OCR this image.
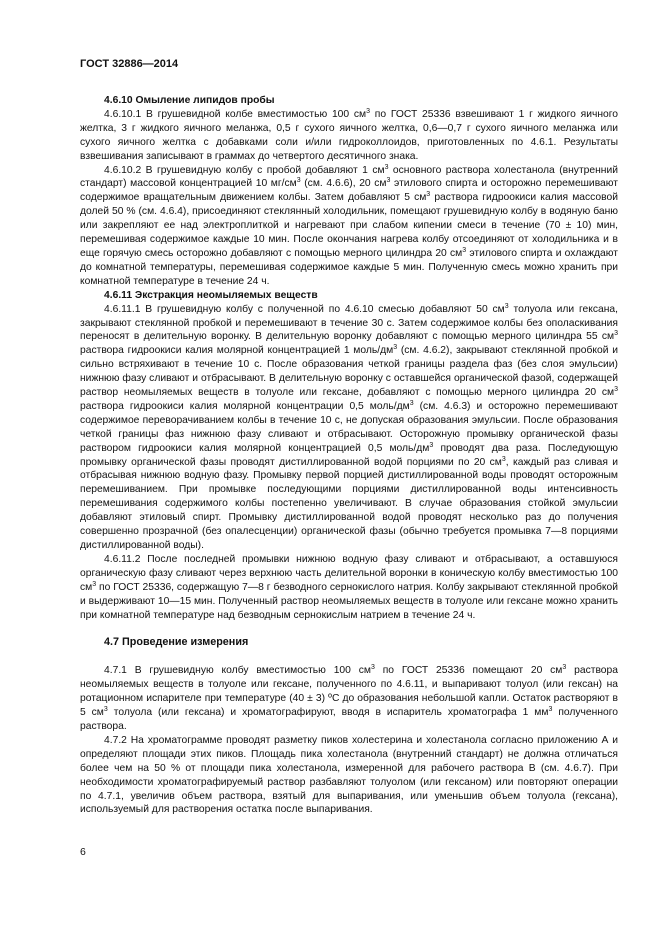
ГОСТ 32886—2014
4.6.10 Омыление липидов пробы

4.6.10.1 В грушевидной колбе вместимостью 100 $см^3$ по ГОСТ 25336 взвешивают 1 г жидкого яичного желтка, 3 г жидкого яичного меланжа, 0,5 г сухого яичного желтка, 0,6—0,7 г сухого яичного меланжа или сухого яичного желтка с добавками соли и/или гидроколлоидов, приготовленных по 4.6.1. Результаты взвешивания записывают в граммах до четвертого десятичного знака.

4.6.10.2 В грушевидную колбу с пробой добавляют 1 $см^3$ основного раствора холестанола (внутренний стандарт) массовой концентрацией 10 $мг/см^3$ (см. 4.6.6), 20 $см^3$ этилового спирта и осторожно перемешивают содержимое вращательным движением колбы. Затем добавляют 5 $см^3$ раствора гидроокиси калия массовой долей 50 % (см. 4.6.4), присоединяют стеклянный холодильник, помещают грушевидную колбу в водяную баню или закрепляют ее над электроплиткой и нагревают при слабом кипении смеси в течение (70 ± 10) мин, перемешивая содержимое каждые 10 мин. После окончания нагрева колбу отсоединяют от холодильника и в еще горячую смесь осторожно добавляют с помощью мерного цилиндра 20 $см^3$ этилового спирта и охлаждают до комнатной температуры, перемешивая содержимое каждые 5 мин. Полученную смесь можно хранить при комнатной температуре в течение 24 ч.

4.6.11 Экстракция неомыляемых веществ

4.6.11.1 В грушевидную колбу с полученной по 4.6.10 смесью добавляют 50 $см^3$ толуола или гексана, закрывают стеклянной пробкой и перемешивают в течение 30 с. Затем содержимое колбы без ополаскивания переносят в делительную воронку. В делительную воронку добавляют с помощью мерного цилиндра 55 $см^3$ раствора гидроокиси калия молярной концентрацией 1 моль/$дм^3$ (см. 4.6.2), закрывают стеклянной пробкой и сильно встряхивают в течение 10 с. После образования четкой границы раздела фаз (без слоя эмульсии) нижнюю фазу сливают и отбрасывают. В делительную воронку с оставшейся органической фазой, содержащей раствор неомыляемых веществ в толуоле или гексане, добавляют с помощью мерного цилиндра 20 $см^3$ раствора гидроокиси калия молярной концентрации 0,5 моль/$дм^3$ (см. 4.6.3) и осторожно перемешивают содержимое переворачиванием колбы в течение 10 с, не допуская образования эмульсии. После образования четкой границы фаз нижнюю фазу сливают и отбрасывают. Осторожную промывку органической фазы раствором гидроокиси калия молярной концентрацией 0,5 моль/$дм^3$ проводят два раза. Последующую промывку органической фазы проводят дистиллированной водой порциями по 20 $см^3$, каждый раз сливая и отбрасывая нижнюю водную фазу. Промывку первой порцией дистиллированной воды проводят осторожным перемешиванием. При промывке последующими порциями дистиллированной воды интенсивность перемешивания содержимого колбы постепенно увеличивают. В случае образования стойкой эмульсии добавляют этиловый спирт. Промывку дистиллированной водой проводят несколько раз до получения совершенно прозрачной (без опалесценции) органической фазы (обычно требуется промывка 7—8 порциями дистиллированной воды).

4.6.11.2 После последней промывки нижнюю водную фазу сливают и отбрасывают, а оставшуюся органическую фазу сливают через верхнюю часть делительной воронки в коническую колбу вместимостью 100 $см^3$ по ГОСТ 25336, содержащую 7—8 г безводного сернокислого натрия. Колбу закрывают стеклянной пробкой и выдерживают 10—15 мин. Полученный раствор неомыляемых веществ в толуоле или гексане можно хранить при комнатной температуре над безводным сернокислым натрием в течение 24 ч.

4.7 Проведение измерения

4.7.1 В грушевидную колбу вместимостью 100 $см^3$ по ГОСТ 25336 помещают 20 $см^3$ раствора неомыляемых веществ в толуоле или гексане, полученного по 4.6.11, и выпаривают толуол (или гексан) на ротационном испарителе при температуре (40 ± 3) ºС до образования небольшой капли. Остаток растворяют в 5 $см^3$ толуола (или гексана) и хроматографируют, вводя в испаритель хроматографа 1 $мм^3$ полученного раствора.

4.7.2 На хроматограмме проводят разметку пиков холестерина и холестанола согласно приложению А и определяют площади этих пиков. Площадь пика холестанола (внутренний стандарт) не должна отличаться более чем на 50 % от площади пика холестанола, измеренной для рабочего раствора В (см. 4.6.7). При необходимости хроматографируемый раствор разбавляют толуолом (или гексаном) или повторяют операции по 4.7.1, увеличив объем раствора, взятый для выпаривания, или уменьшив объем толуола (гексана), используемый для растворения остатка после выпаривания.

6
